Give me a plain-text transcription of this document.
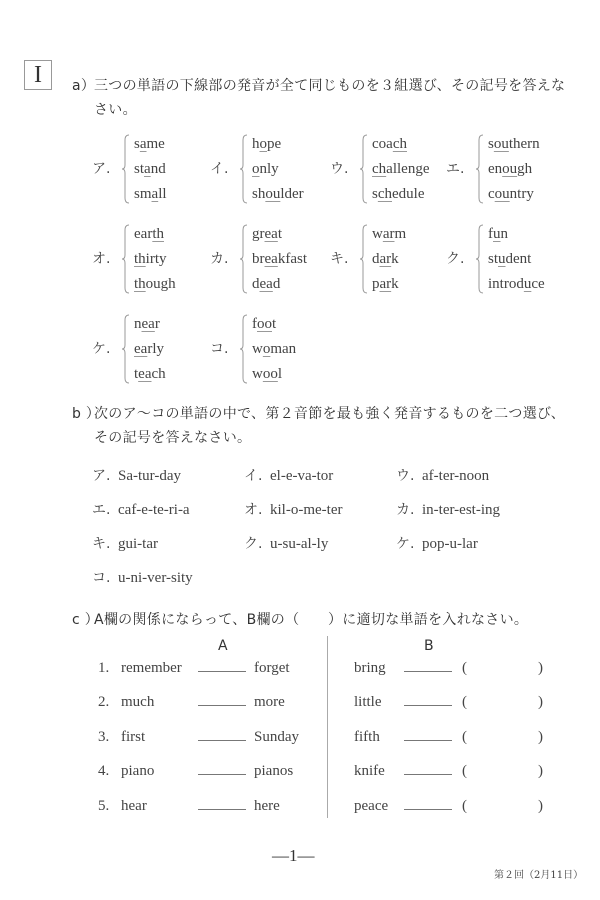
I	a）三つの単語の下線部の発音が全て同じものを３組選び、その記号を答えな
さい。
ア.
same
stand
small
イ.
hope
only
shoulder
ウ.
coach
challenge
schedule
エ.
southern
enough
country
オ.
earth
thirty
though
カ.
great
breakfast
dead
キ.
warm
dark
park
ク.
fun
student
introduce
ケ.
near
early
teach
コ.
foot
woman
wool
b ）次のア～コの単語の中で、第２音節を最も強く発音するものを二つ選び、
その記号を答えなさい。
ア. Sa-tur-day	イ. el-e-va-tor	ウ. af-ter-noon
エ. caf-e-te-ri-a	オ. kil-o-me-ter	カ. in-ter-est-ing
キ. gui-tar	ク. u-su-al-ly	ケ. pop-u-lar
コ. u-ni-ver-sity
c ）A欄の関係にならって、B欄の（　　）に適切な単語を入れなさい。
A	B
1. remember	forget	bring	(	)
2. much	more	little	(	)
3. first	Sunday	fifth	(	)
4. piano	pianos	knife	(	)
5. hear	here	peace	(	)
—1—
第２回（2月11日）
